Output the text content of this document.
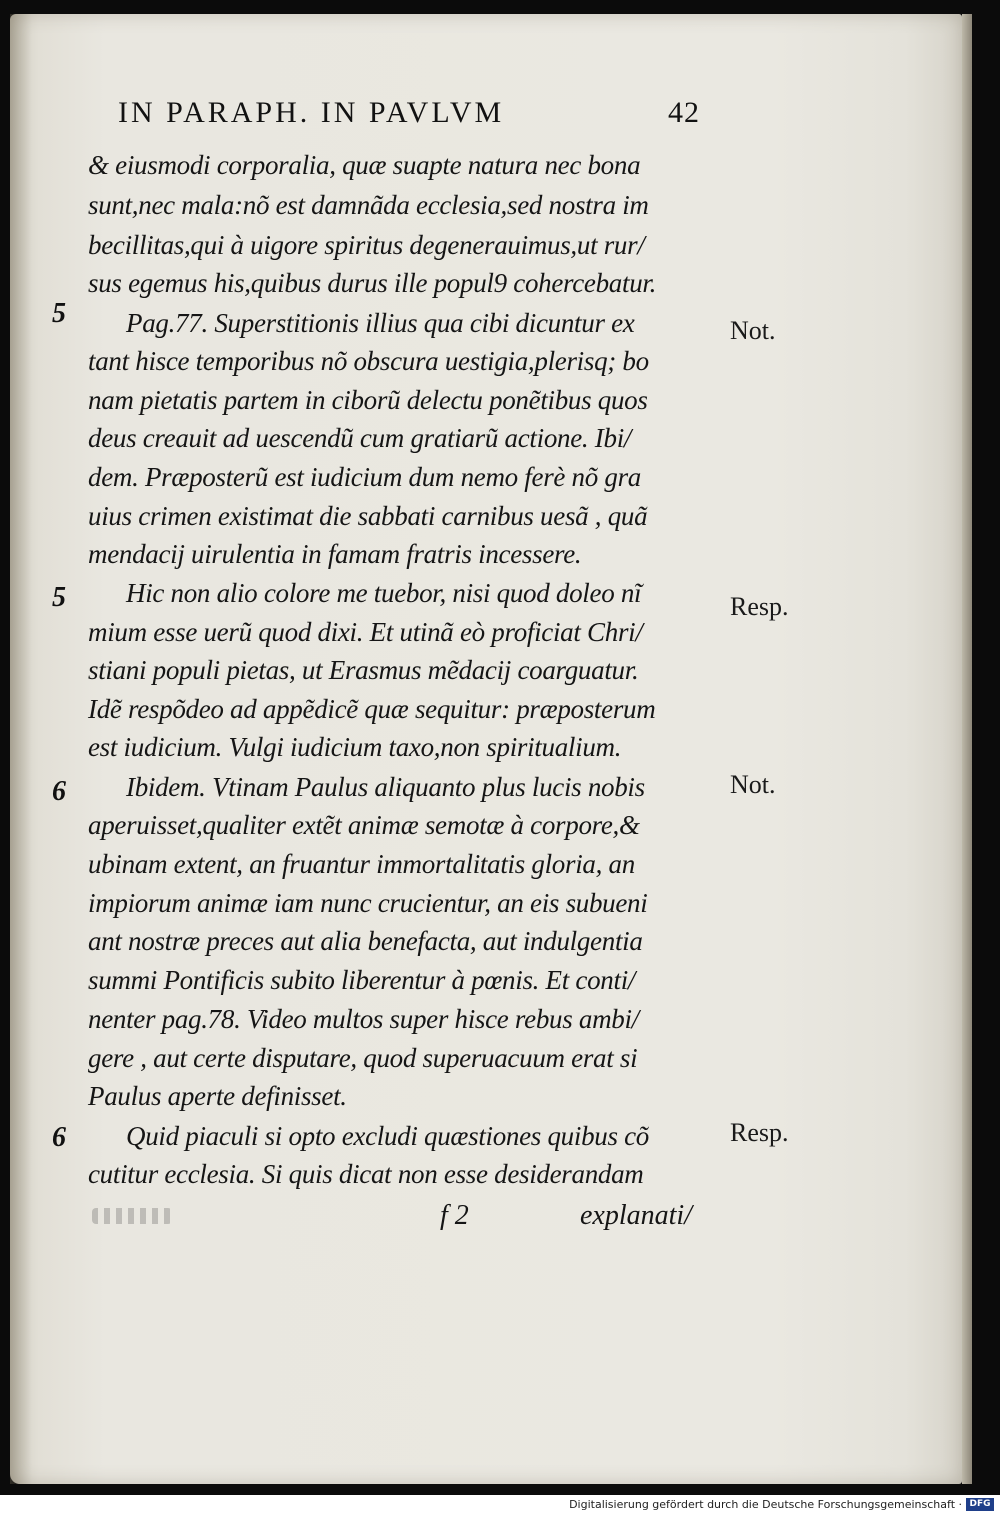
IN PARAPH. IN PAVLVM	42
& eiusmodi corporalia, quæ suapte natura nec bona
sunt,nec mala:nõ est damnãda ecclesia,sed nostra im
becillitas,qui à uigore spiritus degenerauimus,ut rur/
sus egemus his,quibus durus ille popul9 cohercebatur.
Pag.77. Superstitionis illius qua cibi dicuntur ex
tant hisce temporibus nõ obscura uestigia,plerisq; bo
nam pietatis partem in ciborũ delectu ponẽtibus quos
deus creauit ad uescendũ cum gratiarũ actione. Ibi/
dem. Præposterũ est iudicium dum nemo ferè nõ gra
uius crimen existimat die sabbati carnibus uesã , quã
mendacij uirulentia in famam fratris incessere.
Hic non alio colore me tuebor, nisi quod doleo nĩ
mium esse uerũ quod dixi. Et utinã eò proficiat Chri/
stiani populi pietas, ut Erasmus mẽdacij coarguatur.
Idẽ respõdeo ad appẽdicẽ quæ sequitur: præposterum
est iudicium. Vulgi iudicium taxo,non spiritualium.
Ibidem. Vtinam Paulus aliquanto plus lucis nobis
aperuisset,qualiter extẽt animæ semotæ à corpore,&
ubinam extent, an fruantur immortalitatis gloria, an
impiorum animæ iam nunc crucientur, an eis subueni
ant nostræ preces aut alia benefacta, aut indulgentia
summi Pontificis subito liberentur à pœnis. Et conti/
nenter pag.78. Video multos super hisce rebus ambi/
gere , aut certe disputare, quod superuacuum erat si
Paulus aperte definisset.
Quid piaculi si opto excludi quæstiones quibus cõ
cutitur ecclesia. Si quis dicat non esse desiderandam
5
5
6
6
Not.
Resp.
Not.
Resp.
f 2	explanati/
Digitalisierung gefördert durch die Deutsche Forschungsgemeinschaft · DFG
